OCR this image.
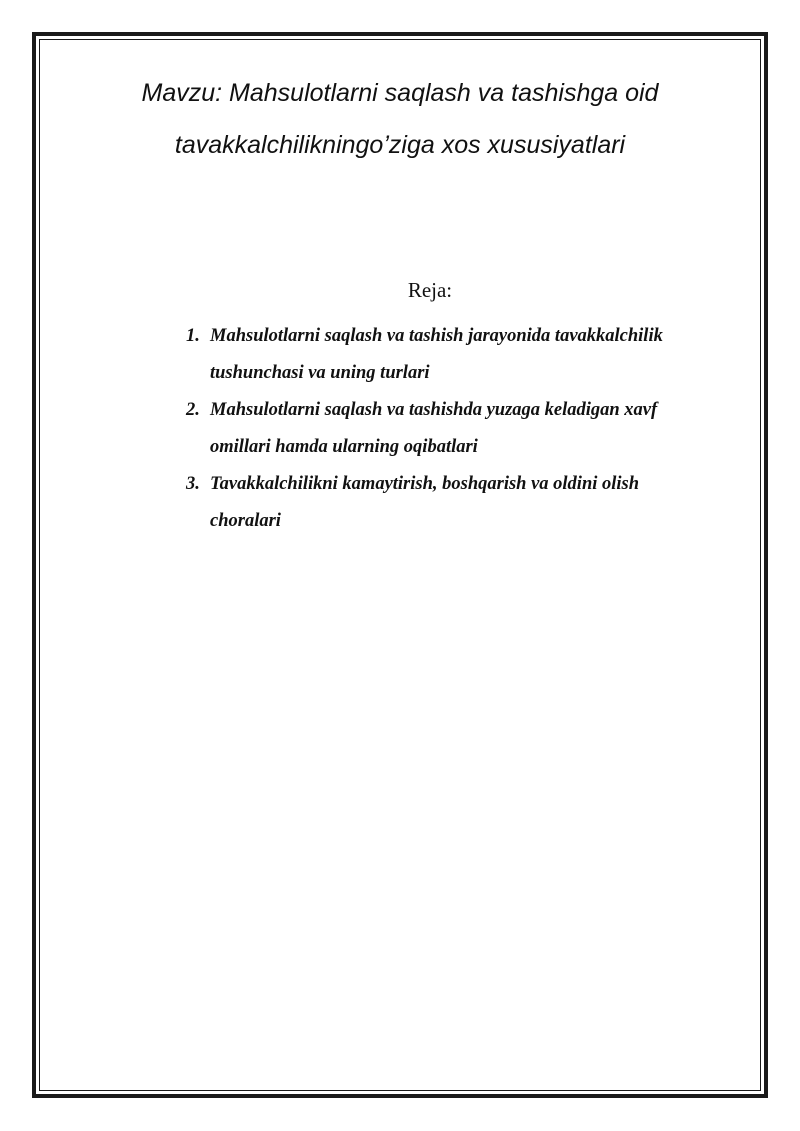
Mavzu: Mahsulotlarni saqlash va tashishga oid
tavakkalchilikningo’ziga xos xususiyatlari
Reja:
1. Mahsulotlarni saqlash va tashish jarayonida tavakkalchilik
tushunchasi va uning turlari
2. Mahsulotlarni saqlash va tashishda yuzaga keladigan xavf
omillari hamda ularning oqibatlari
3. Tavakkalchilikni kamaytirish, boshqarish va oldini olish
choralari
